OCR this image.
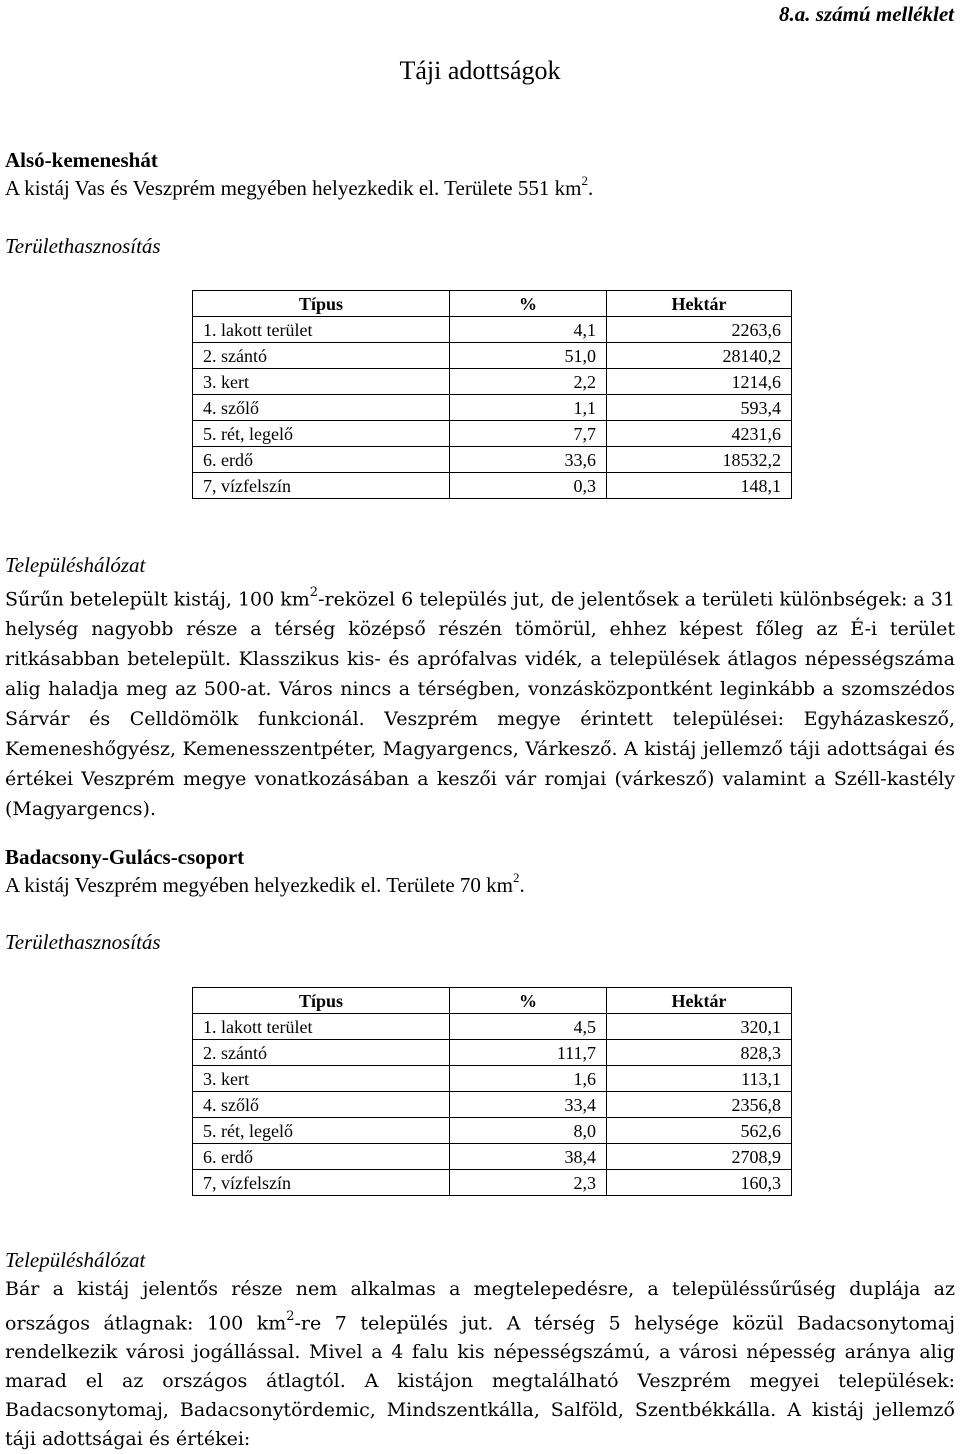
8.a. számú melléklet
Táji adottságok
Alsó-kemeneshát
A kistáj Vas és Veszprém megyében helyezkedik el. Területe 551 $km^2$.
Területhasznosítás
Típus	%	Hektár
1. lakott terület	4,1	2263,6
2. szántó	51,0	28140,2
3. kert	2,2	1214,6
4. szőlő	1,1	593,4
5. rét, legelő	7,7	4231,6
6. erdő	33,6	18532,2
7, vízfelszín	0,3	148,1
Településhálózat
Sűrűn betelepült kistáj, 100 $km^2$-reközel 6 település jut, de jelentősek a területi különbségek: a 31 helység nagyobb része a térség középső részén tömörül, ehhez képest főleg az É-i terület ritkásabban betelepült. Klasszikus kis- és aprófalvas vidék, a települések átlagos népességszáma alig haladja meg az 500-at. Város nincs a térségben, vonzásközpontként leginkább a szomszédos Sárvár és Celldömölk funkcionál. Veszprém megye érintett települései: Egyházaskesző, Kemeneshőgyész, Kemenesszentpéter, Magyargencs, Várkesző. A kistáj jellemző táji adottságai és értékei Veszprém megye vonatkozásában a keszői vár romjai (várkesző) valamint a Széll-kastély (Magyargencs).
Badacsony-Gulács-csoport
A kistáj Veszprém megyében helyezkedik el. Területe 70 $km^2$.
Területhasznosítás
Típus	%	Hektár
1. lakott terület	4,5	320,1
2. szántó	111,7	828,3
3. kert	1,6	113,1
4. szőlő	33,4	2356,8
5. rét, legelő	8,0	562,6
6. erdő	38,4	2708,9
7, vízfelszín	2,3	160,3
Településhálózat
Bár a kistáj jelentős része nem alkalmas a megtelepedésre, a településsűrűség duplája az országos átlagnak: 100 $km^2-re$ 7 település jut. A térség 5 helysége közül Badacsonytomaj rendelkezik városi jogállással. Mivel a 4 falu kis népességszámú, a városi népesség aránya alig marad el az országos átlagtól. A kistájon megtalálható Veszprém megyei települések: Badacsonytomaj, Badacsonytördemic, Mindszentkálla, Salföld, Szentbékkálla. A kistáj jellemző táji adottságai és értékei:
